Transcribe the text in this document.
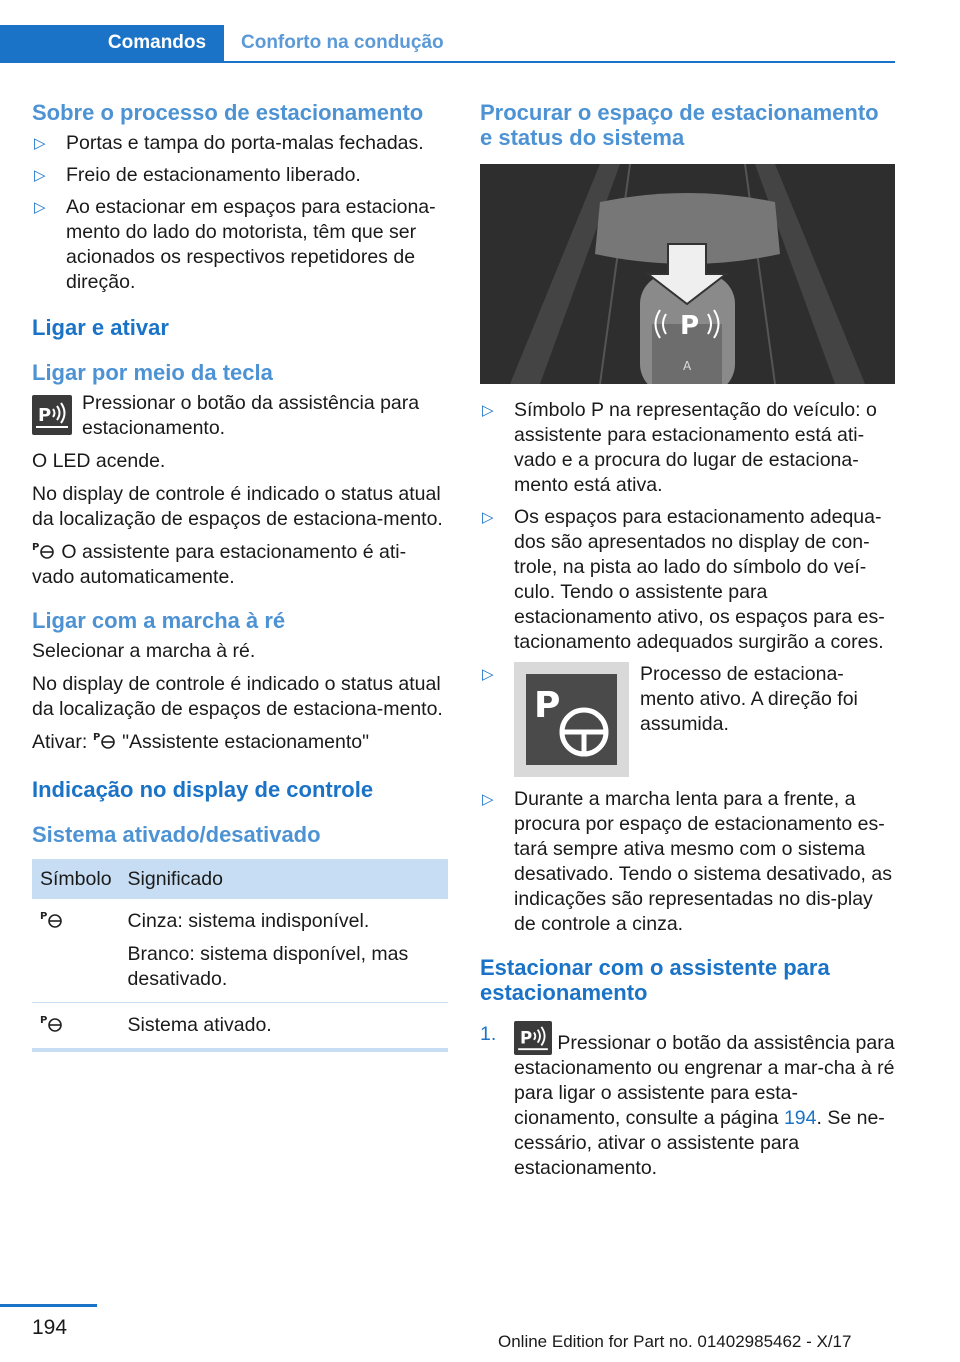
Comandos	Conforto na condução
Sobre o processo de estacionamento
▷ Portas e tampa do porta-malas fechadas.
▷ Freio de estacionamento liberado.
▷ Ao estacionar em espaços para estaciona-mento do lado do motorista, têm que ser acionados os respectivos repetidores de direção.
Ligar e ativar
Ligar por meio da tecla
P

Pressionar o botão da assistência para estacionamento.

O LED acende.

No display de controle é indicado o status atual da localização de espaços de estaciona-mento.

P O assistente para estacionamento é ati-vado automaticamente.

Ligar com a marcha à ré

Selecionar a marcha à ré.

No display de controle é indicado o status atual da localização de espaços de estaciona-mento.

Ativar: P "Assistente estacionamento"

Indicação no display de controle
Sistema ativado/desativado
Símbolo	Significado

P	Cinza: sistema indisponível.
Branco: sistema disponível, mas desativado.

P	Sistema ativado.
Procurar o espaço de estacionamento e status do sistema
P
A
▷ Símbolo P na representação do veículo: o assistente para estacionamento está ati-vado e a procura do lugar de estaciona-mento está ativa.
▷ Os espaços para estacionamento adequa-dos são apresentados no display de con-trole, na pista ao lado do símbolo do veí-culo. Tendo o assistente para estacionamento ativo, os espaços para es-tacionamento adequados surgirão a cores.
▷
P
Processo de estaciona-mento ativo. A direção foi assumida.
▷ Durante a marcha lenta para a frente, a procura por espaço de estacionamento es-tará sempre ativa mesmo com o sistema desativado. Tendo o sistema desativado, as indicações são representadas no dis-play de controle a cinza.
Estacionar com o assistente para estacionamento
1. P Pressionar o botão da assistência para estacionamento ou engrenar a mar-cha à ré para ligar o assistente para esta-cionamento, consulte a página 194. Se ne-cessário, ativar o assistente para estacionamento.

194
Online Edition for Part no. 01402985462 - X/17
